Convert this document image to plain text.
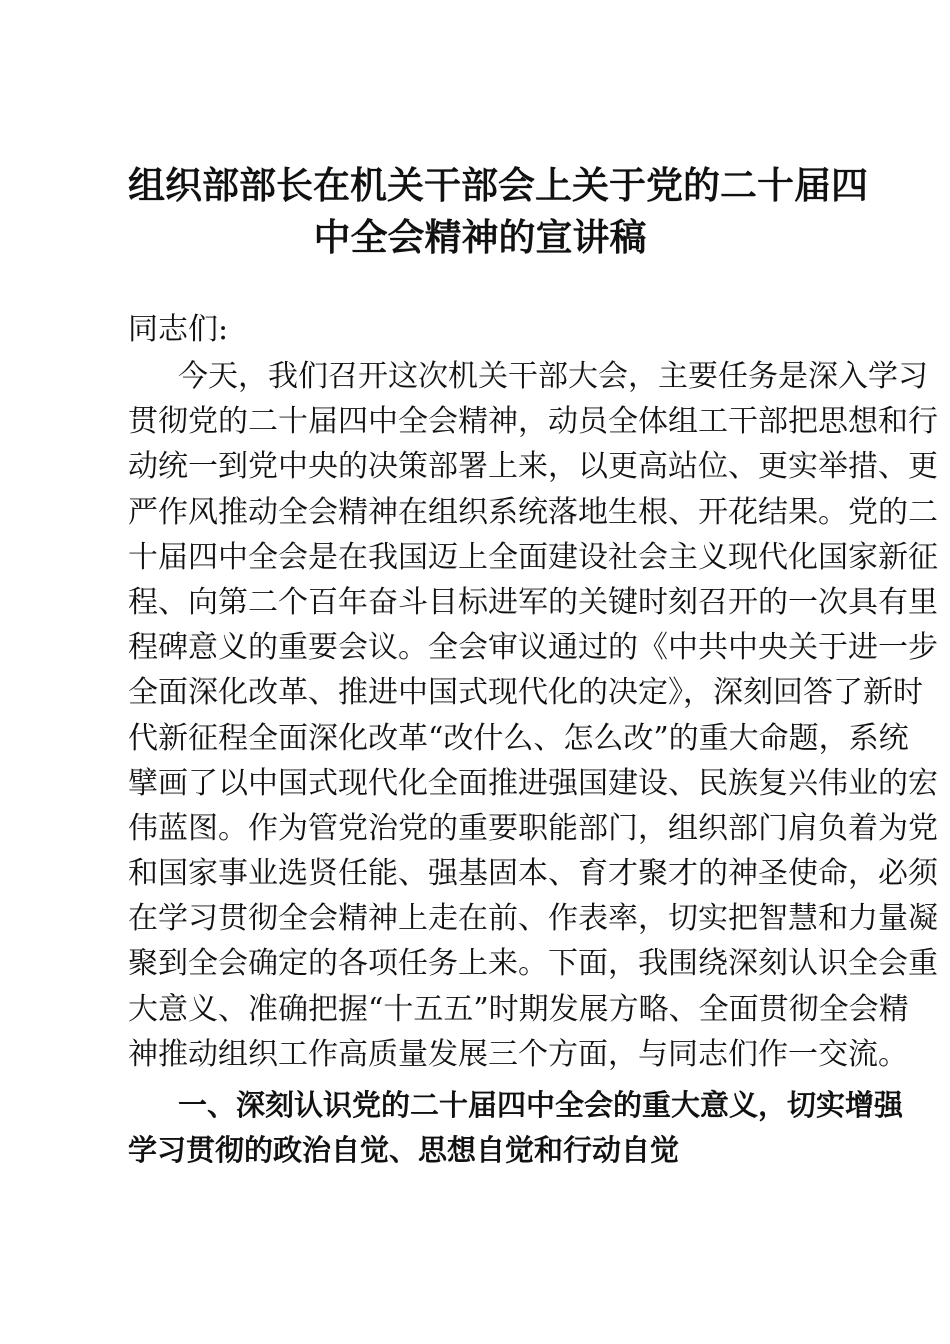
组织部部长在机关干部会上关于党的二十届四
中全会精神的宣讲稿
同志们:
今天，我们召开这次机关干部大会，主要任务是深入学习
贯彻党的二十届四中全会精神，动员全体组工干部把思想和行
动统一到党中央的决策部署上来，以更高站位、更实举措、更
严作风推动全会精神在组织系统落地生根、开花结果。党的二
十届四中全会是在我国迈上全面建设社会主义现代化国家新征
程、向第二个百年奋斗目标进军的关键时刻召开的一次具有里
程碑意义的重要会议。全会审议通过的《中共中央关于进一步
全面深化改革、推进中国式现代化的决定》，深刻回答了新时
代新征程全面深化改革“改什么、怎么改”的重大命题，系统
擘画了以中国式现代化全面推进强国建设、民族复兴伟业的宏
伟蓝图。作为管党治党的重要职能部门，组织部门肩负着为党
和国家事业选贤任能、强基固本、育才聚才的神圣使命，必须
在学习贯彻全会精神上走在前、作表率，切实把智慧和力量凝
聚到全会确定的各项任务上来。下面，我围绕深刻认识全会重
大意义、准确把握“十五五”时期发展方略、全面贯彻全会精
神推动组织工作高质量发展三个方面，与同志们作一交流。
一、深刻认识党的二十届四中全会的重大意义，切实增强
学习贯彻的政治自觉、思想自觉和行动自觉
